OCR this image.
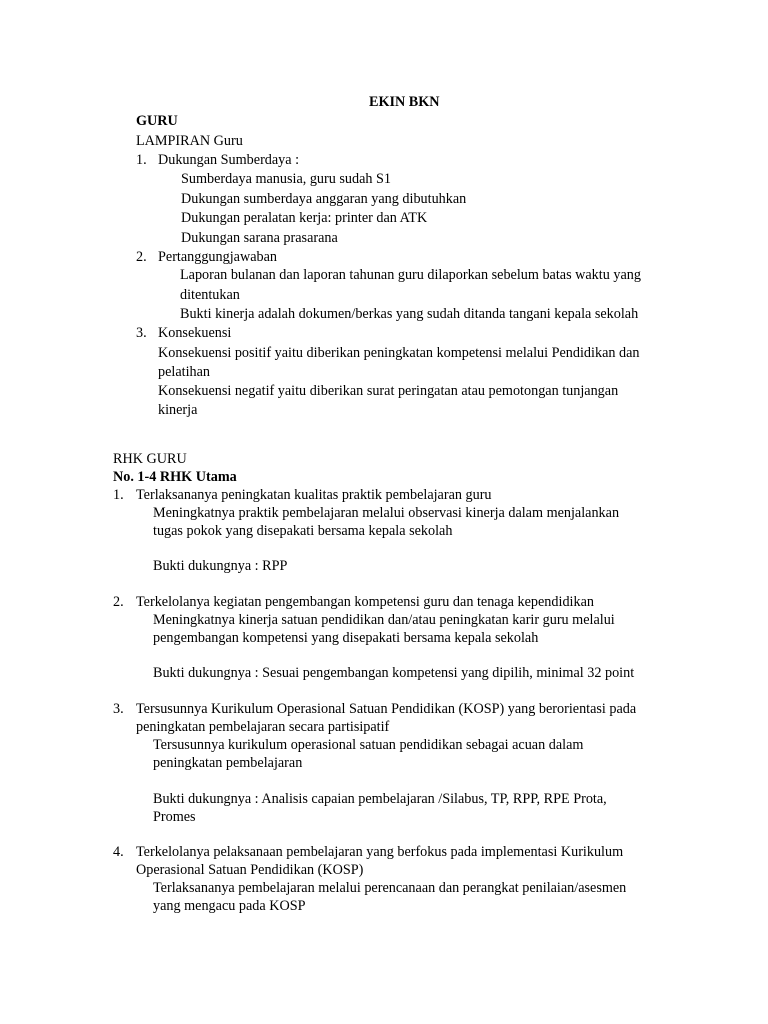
EKIN BKN
GURU
LAMPIRAN Guru
1. Dukungan Sumberdaya :
Sumberdaya manusia, guru sudah S1
Dukungan sumberdaya anggaran yang dibutuhkan
Dukungan peralatan kerja: printer dan ATK
Dukungan sarana prasarana
2. Pertanggungjawaban
Laporan bulanan dan laporan tahunan guru dilaporkan sebelum batas waktu yang
ditentukan
Bukti kinerja adalah dokumen/berkas yang sudah ditanda tangani kepala sekolah
3. Konsekuensi
Konsekuensi positif yaitu diberikan peningkatan kompetensi melalui Pendidikan dan
pelatihan
Konsekuensi negatif yaitu diberikan surat peringatan atau pemotongan tunjangan
kinerja
RHK GURU
No. 1-4 RHK Utama
1. Terlaksananya peningkatan kualitas praktik pembelajaran guru
Meningkatnya praktik pembelajaran melalui observasi kinerja dalam menjalankan
tugas pokok yang disepakati bersama kepala sekolah
Bukti dukungnya : RPP
2. Terkelolanya kegiatan pengembangan kompetensi guru dan tenaga kependidikan
Meningkatnya kinerja satuan pendidikan dan/atau peningkatan karir guru melalui
pengembangan kompetensi yang disepakati bersama kepala sekolah
Bukti dukungnya : Sesuai pengembangan kompetensi yang dipilih, minimal 32 point
3. Tersusunnya Kurikulum Operasional Satuan Pendidikan (KOSP) yang berorientasi pada
peningkatan pembelajaran secara partisipatif
Tersusunnya kurikulum operasional satuan pendidikan sebagai acuan dalam
peningkatan pembelajaran
Bukti dukungnya : Analisis capaian pembelajaran /Silabus, TP, RPP, RPE Prota,
Promes
4. Terkelolanya pelaksanaan pembelajaran yang berfokus pada implementasi Kurikulum
Operasional Satuan Pendidikan (KOSP)
Terlaksananya pembelajaran melalui perencanaan dan perangkat penilaian/asesmen
yang mengacu pada KOSP
